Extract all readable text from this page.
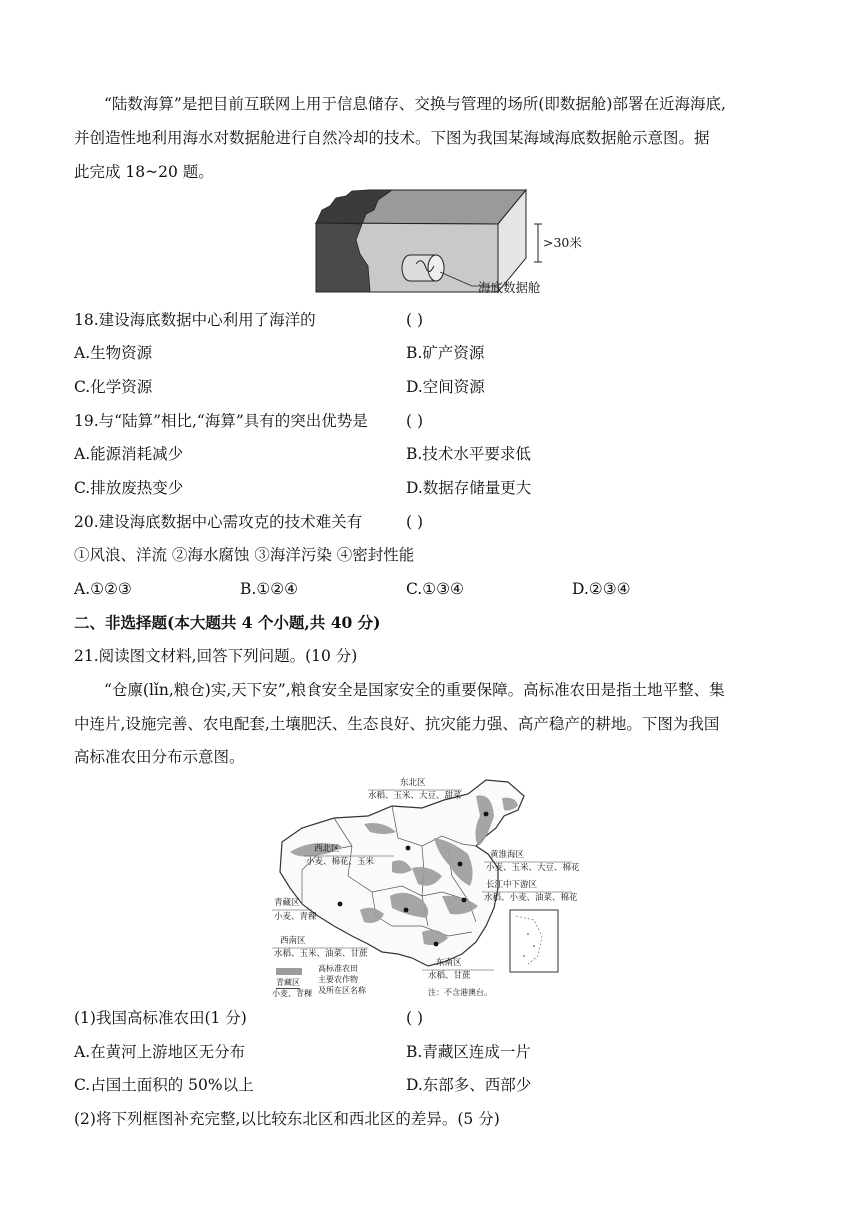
“陆数海算”是把目前互联网上用于信息储存、交换与管理的场所(即数据舱)部署在近海海底,
并创造性地利用海水对数据舱进行自然冷却的技术。下图为我国某海域海底数据舱示意图。据
此完成 18~20 题。
>30米
海底数据舱
18.建设海底数据中心利用了海洋的	( )
A.生物资源	B.矿产资源
C.化学资源	D.空间资源
19.与“陆算”相比,“海算”具有的突出优势是 ( )
A.能源消耗减少	B.技术水平要求低
C.排放废热变少	D.数据存储量更大
20.建设海底数据中心需攻克的技术难关有	( )
①风浪、洋流 ②海水腐蚀 ③海洋污染 ④密封性能
A.①②③	B.①②④	C.①③④	D.②③④
二、非选择题(本大题共 4 个小题,共 40 分)
21.阅读图文材料,回答下列问题。(10 分)
“仓廪(lǐn,粮仓)实,天下安”,粮食安全是国家安全的重要保障。高标准农田是指土地平整、集
中连片,设施完善、农电配套,土壤肥沃、生态良好、抗灾能力强、高产稳产的耕地。下图为我国
高标准农田分布示意图。
东北区
水稻、玉米、大豆、甜菜
西北区
小麦、棉花、玉米
黄淮海区
小麦、玉米、大豆、棉花
长江中下游区
水稻、小麦、油菜、棉花
青藏区
小麦、青稞
西南区
水稻、玉米、油菜、甘蔗
东南区
水稻、甘蔗
高标准农田
主要农作物
及所在区名称
青藏区
小麦、青稞	注：不含港澳台。
(1)我国高标准农田(1 分)	( )
A.在黄河上游地区无分布	B.青藏区连成一片
C.占国土面积的 50%以上	D.东部多、西部少
(2)将下列框图补充完整,以比较东北区和西北区的差异。(5 分)
